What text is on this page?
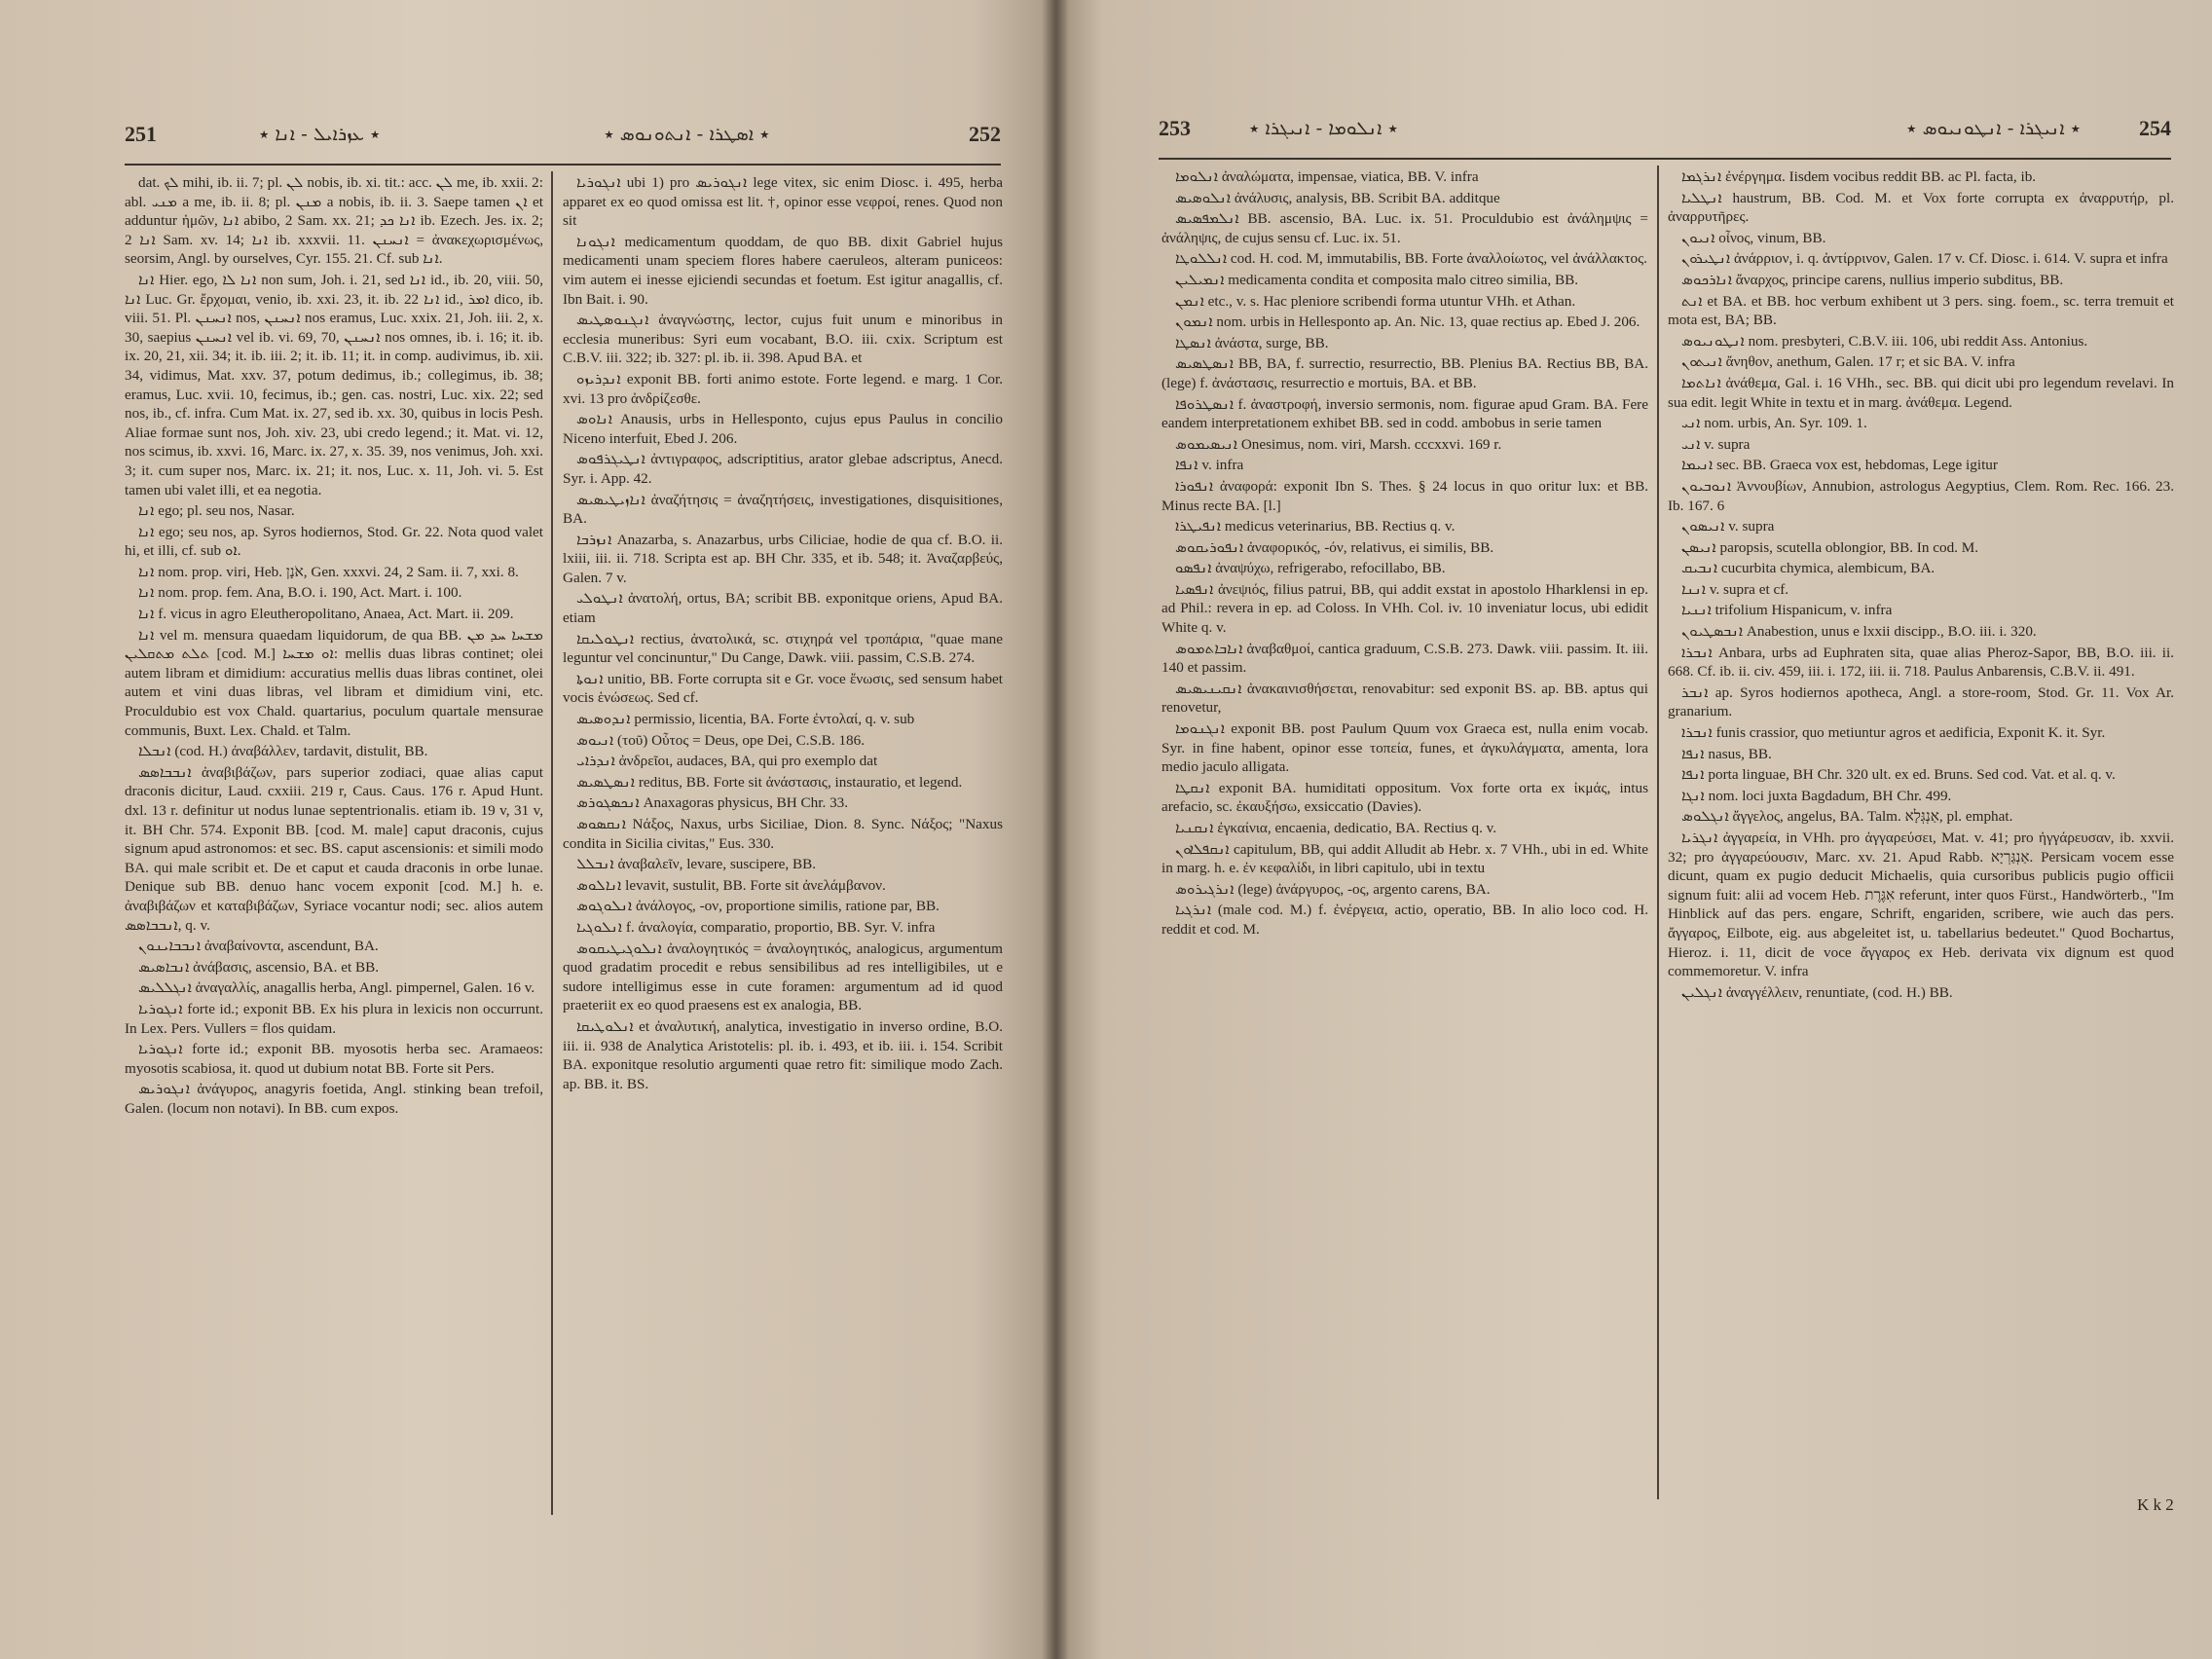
251	٭ ܥܙܪܐܝܠ - ܐܢܐ ٭	٭ ܐܣܛܪܐ - ܐܢܬܘܢܘܣ ٭	252

dat. ܠܟ mihi, ib. ii. 7; pl. ܠܢ nobis, ib. xi. tit.: acc. ܠܢ me, ib. xxii. 2: abl. ܡܢܝ a me, ib. ii. 8; pl. ܡܢܢ a nobis, ib. ii. 3. Saepe tamen ܐܢ et adduntur ἡμῶν, ܐܢܐ abibo, 2 Sam. xx. 21; ܐܢܐ ܟܕ ib. Ezech. Jes. ix. 2; ܐܢܐ 2 Sam. xv. 14; ܐܢܐ ib. xxxvii. 11. ܐܢܚܢܢ = ἀνακεχωρισμένως, seorsim, Angl. by ourselves, Cyr. 155. 21. Cf. sub ܐܢܐ.

ܐܢܐ Hier. ego, ܐܢܐ ܠܐ non sum, Joh. i. 21, sed ܐܢܐ id., ib. 20, viii. 50, ܐܢܐ Luc. Gr. ἔρχομαι, venio, ib. xxi. 23, it. ib. 22 ܐܢܐ id., ܐܡܪ dico, ib. viii. 51. Pl. ܐܢܚܢܢ nos, ܐܢܚܢܢ nos eramus, Luc. xxix. 21, Joh. iii. 2, x. 30, saepius ܐܢܚܢܢ vel ib. vi. 69, 70, ܐܢܚܢܢ nos omnes, ib. i. 16; it. ib. ix. 20, 21, xii. 34; it. ib. iii. 2; it. ib. 11; it. in comp. audivimus, ib. xii. 34, vidimus, Mat. xxv. 37, potum dedimus, ib.; collegimus, ib. 38; eramus, Luc. xvii. 10, fecimus, ib.; gen. cas. nostri, Luc. xix. 22; sed nos, ib., cf. infra. Cum Mat. ix. 27, sed ib. xx. 30, quibus in locis Pesh. Aliae formae sunt nos, Joh. xiv. 23, ubi credo legend.; it. Mat. vi. 12, nos scimus, ib. xxvi. 16, Marc. ix. 27, x. 35. 39, nos venimus, Joh. xxi. 3; it. cum super nos, Marc. ix. 21; it. nos, Luc. x. 11, Joh. vi. 5. Est tamen ubi valet illi, et ea negotia.

ܐܢܐ ego; pl. seu nos, Nasar.

ܐܢܐ ego; seu nos, ap. Syros hodiernos, Stod. Gr. 22. Nota quod valet hi, et illi, cf. sub ܐܘ.

ܐܢܐ nom. prop. viri, Heb. אֹנָן, Gen. xxxvi. 24, 2 Sam. ii. 7, xxi. 8.

ܐܢܐ nom. prop. fem. Ana, B.O. i. 190, Act. Mart. i. 100.

ܐܢܐ f. vicus in agro Eleutheropolitano, Anaea, Act. Mart. ii. 209.

ܐܢܐ vel m. mensura quaedam liquidorum, de qua BB. ܡܫܚܐ ܚܕ ܡܢ ܬܠܬ ܡܬܩܠܝܢ [cod. M.] ܐܘ ܡܫܚܐ: mellis duas libras continet; olei autem libram et dimidium: accuratius mellis duas libras continet, olei autem et vini duas libras, vel libram et dimidium vini, etc. Proculdubio est vox Chald. quartarius, poculum quartale mensurae communis, Buxt. Lex. Chald. et Talm.

ܐܢܒܠܐ (cod. H.) ἀναβάλλεν, tardavit, distulit, BB.

ܐܢܒܒܐܣܣ ἀναβιβάζων, pars superior zodiaci, quae alias caput draconis dicitur, Laud. cxxiii. 219 r, Caus. Caus. 176 r. Apud Hunt. dxl. 13 r. definitur ut nodus lunae septentrionalis. etiam ib. 19 v, 31 v, it. BH Chr. 574. Exponit BB. [cod. M. male] caput draconis, cujus signum apud astronomos: et sec. BS. caput ascensionis: et simili modo BA. qui male scribit et. De et caput et cauda draconis in orbe lunae. Denique sub BB. denuo hanc vocem exponit [cod. M.] h. e. ἀναβιβάζων et καταβιβάζων, Syriace vocantur nodi; sec. alios autem ܐܢܒܒܐܣܣ, q. v.

ܐܢܒܒܐܝܢܘܢ ἀναβαίνοντα, ascendunt, BA.

ܐܢܒܐܣܝܣ ἀνάβασις, ascensio, BA. et BB.

ܐܢܓܠܠܝܣ ἀναγαλλίς, anagallis herba, Angl. pimpernel, Galen. 16 v.

ܐܢܓܘܪܝܐ forte id.; exponit BB. Ex his plura in lexicis non occurrunt. In Lex. Pers. Vullers = flos quidam.

ܐܢܓܘܪܝܐ forte id.; exponit BB. myosotis herba sec. Aramaeos: myosotis scabiosa, it. quod ut dubium notat BB. Forte sit Pers.

ܐܢܓܘܪܝܣ ἀνάγυρος, anagyris foetida, Angl. stinking bean trefoil, Galen. (locum non notavi). In BB. cum expos.

ܐܢܓܘܪܝܐ ubi 1) pro ܐܢܓܘܪܝܣ lege vitex, sic enim Diosc. i. 495, herba apparet ex eo quod omissa est lit. †, opinor esse νεφροί, renes. Quod non sit

ܐܢܓܘܢܐ medicamentum quoddam, de quo BB. dixit Gabriel hujus medicamenti unam speciem flores habere caeruleos, alteram puniceos: vim autem ei inesse ejiciendi secundas et foetum. Est igitur anagallis, cf. Ibn Bait. i. 90.

ܐܢܓܢܘܣܛܝܣ ἀναγνώστης, lector, cujus fuit unum e minoribus in ecclesia muneribus: Syri eum vocabant, B.O. iii. cxix. Scriptum est C.B.V. iii. 322; ib. 327: pl. ib. ii. 398. Apud BA. et

ܐܢܕܪܝܙܘ exponit BB. forti animo estote. Forte legend. e marg. 1 Cor. xvi. 13 pro ἀνδρίζεσθε.

ܐܢܐܘܣ Anausis, urbs in Hellesponto, cujus epus Paulus in concilio Niceno interfuit, Ebed J. 206.

ܐܢܛܝܓܪܦܘܣ ἀντιγραφος, adscriptitius, arator glebae adscriptus, Anecd. Syr. i. App. 42.

ܐܢܐܙܝܛܝܣܝܣ ἀναζήτησις = ἀναζητήσεις, investigationes, disquisitiones, BA.

ܐܢܙܪܒܐ Anazarba, s. Anazarbus, urbs Ciliciae, hodie de qua cf. B.O. ii. lxiii, iii. ii. 718. Scripta est ap. BH Chr. 335, et ib. 548; it. Ἀναζαρβεύς, Galen. 7 v.

ܐܢܛܘܠܝ ἀνατολή, ortus, BA; scribit BB. exponitque oriens, Apud BA. etiam

ܐܢܛܘܠܝܩܐ rectius, ἀνατολικά, sc. στιχηρά vel τροπάρια, "quae mane leguntur vel concinuntur," Du Cange, Dawk. viii. passim, C.S.B. 274.

ܐܢܘܬܐ unitio, BB. Forte corrupta sit e Gr. voce ἕνωσις, sed sensum habet vocis ἑνώσεως. Sed cf.

ܐܢܕܘܣܝܣ permissio, licentia, BA. Forte ἐντολαί, q. v. sub

ܐܢܝܘܣ (τοῦ) Οὗτος = Deus, ope Dei, C.S.B. 186.

ܐܢܕܪܐܝ ἀνδρεῖοι, audaces, BA, qui pro exemplo dat

ܐܢܣܛܣܝܣ reditus, BB. Forte sit ἀνάστασις, instauratio, et legend.

ܐܢܟܣܓܘܪܣ Anaxagoras physicus, BH Chr. 33.

ܐܢܩܣܘܣ Νάξος, Naxus, urbs Siciliae, Dion. 8. Sync. Νάξος; "Naxus condita in Sicilia civitas," Eus. 330.

ܐܢܒܠܠ ἀναβαλεῖν, levare, suscipere, BB.

ܐܢܐܠܘܣ levavit, sustulit, BB. Forte sit ἀνελάμβανον.

ܐܢܠܘܓܘܣ ἀνάλογος, -ον, proportione similis, ratione par, BB.

ܐܢܠܘܓܝܐ f. ἀναλογία, comparatio, proportio, BB. Syr. V. infra

ܐܢܠܘܓܝܛܝܩܘܣ ἀναλογητικός = ἀναλογητικός, analogicus, argumentum quod gradatim procedit e rebus sensibilibus ad res intelligibiles, ut e sudore intelligimus esse in cute foramen: argumentum ad id quod praeteriit ex eo quod praesens est ex analogia, BB.

ܐܢܠܘܛܝܩܐ et ἀναλυτική, analytica, investigatio in inverso ordine, B.O. iii. ii. 938 de Analytica Aristotelis: pl. ib. i. 493, et ib. iii. i. 154. Scribit BA. exponitque resolutio argumenti quae retro fit: similique modo Zach. ap. BB. it. BS.

253	٭ ܐܢܠܘܡܐ - ܐܢܝܓܪܐ ٭	٭ ܐܢܝܓܪܐ - ܐܢܛܘܢܝܘܣ ٭	254

ܐܢܠܘܡܐ ἀναλώματα, impensae, viatica, BB. V. infra

ܐܢܠܘܣܝܣ ἀνάλυσις, analysis, BB. Scribit BA. additque

ܐܢܠܡܦܣܝܣ BB. ascensio, BA. Luc. ix. 51. Proculdubio est ἀνάλημψις = ἀνάληψις, de cujus sensu cf. Luc. ix. 51.

ܐܢܠܠܘܛܐ cod. H. cod. M, immutabilis, BB. Forte ἀναλλοίωτος, vel ἀνάλλακτος.

ܐܢܡܝܠܝܢ medicamenta condita et composita malo citreo similia, BB.

ܐܢܡܢ etc., v. s. Hac pleniore scribendi forma utuntur VHh. et Athan.

ܐܢܡܘܢ nom. urbis in Hellesponto ap. An. Nic. 13, quae rectius ap. Ebed J. 206.

ܐܢܣܛܐ ἀνάστα, surge, BB.

ܐܢܣܛܣܝܣ BB, BA, f. surrectio, resurrectio, BB. Plenius BA. Rectius BB, BA. (lege) f. ἀνάστασις, resurrectio e mortuis, BA. et BB.

ܐܢܣܛܪܘܦܐ f. ἀναστροφή, inversio sermonis, nom. figurae apud Gram. BA. Fere eandem interpretationem exhibet BB. sed in codd. ambobus in serie tamen

ܐܢܝܣܝܡܘܣ Onesimus, nom. viri, Marsh. cccxxvi. 169 r.

ܐܢܦܐ v. infra

ܐܢܦܘܪܐ ἀναφορά: exponit Ibn S. Thes. § 24 locus in quo oritur lux: et BB. Minus recte BA. [l.]

ܐܢܦܝܛܪܐ medicus veterinarius, BB. Rectius q. v.

ܐܢܦܘܪܝܩܘܣ ἀναφορικός, -όν, relativus, ei similis, BB.

ܐܢܦܣܘ ἀναψύχω, refrigerabo, refocillabo, BB.

ܐܢܦܣܝܐ ἀνεψιός, filius patrui, BB, qui addit exstat in apostolo Hharklensi in ep. ad Phil.: revera in ep. ad Coloss. In VHh. Col. iv. 10 inveniatur locus, ubi edidit White q. v.

ܐܢܐܒܐܬܡܘܣ ἀναβαθμοί, cantica graduum, C.S.B. 273. Dawk. viii. passim. It. iii. 140 et passim.

ܐܢܩܝܢܝܣܝܣ ἀνακαινισθήσεται, renovabitur: sed exponit BS. ap. BB. aptus qui renovetur,

ܐܢܓܢܘܡܐ exponit BB. post Paulum Quum vox Graeca est, nulla enim vocab. Syr. in fine habent, opinor esse τοπεία, funes, et ἀγκυλάγματα, amenta, lora medio jaculo alligata.

ܐܢܩܛܐ exponit BA. humiditati oppositum. Vox forte orta ex ἰκμάς, intus arefacio, sc. ἐκαυξήσω, exsiccatio (Davies).

ܐܢܩܢܝܐ ἐγκαίνια, encaenia, dedicatio, BA. Rectius q. v.

ܐܢܩܦܠܐܘܢ capitulum, BB, qui addit Alludit ab Hebr. x. 7 VHh., ubi in ed. White in marg. h. e. ἐν κεφαλίδι, in libri capitulo, ubi in textu

ܐܢܪܓܝܪܘܣ (lege) ἀνάργυρος, -ος, argento carens, BA.

ܐܢܪܓܝܐ (male cod. M.) f. ἐνέργεια, actio, operatio, BB. In alio loco cod. H. reddit et cod. M.

ܐܢܪܓܡܐ ἐνέργημα. Iisdem vocibus reddit BB. ac Pl. facta, ib.

ܐܢܛܠܝܐ haustrum, BB. Cod. M. et Vox forte corrupta ex ἀναρρυτήρ, pl. ἀναρρυτῆρες.

ܐܢܝܘܢ οἶνος, vinum, BB.

ܐܢܛܝܪܘܢ ἀνάρριον, i. q. ἀντίρρινον, Galen. 17 v. Cf. Diosc. i. 614. V. supra et infra

ܐܢܐܪܟܘܣ ἄναρχος, principe carens, nullius imperio subditus, BB.

ܐܢܬ et BA. et BB. hoc verbum exhibent ut 3 pers. sing. foem., sc. terra tremuit et mota est, BA; BB.

ܐܢܛܘܢܝܘܣ nom. presbyteri, C.B.V. iii. 106, ubi reddit Ass. Antonius.

ܐܢܝܬܘܢ ἄνηθον, anethum, Galen. 17 r; et sic BA. V. infra

ܐܢܐܬܡܐ ἀνάθεμα, Gal. i. 16 VHh., sec. BB. qui dicit ubi pro legendum revelavi. In sua edit. legit White in textu et in marg. ἀνάθεμα. Legend.

ܐܢܝ nom. urbis, An. Syr. 109. 1.

ܐܢܝ v. supra

ܐܢܝܡܐ sec. BB. Graeca vox est, hebdomas, Lege igitur

ܐܢܘܒܝܘܢ Ἀννουβίων, Annubion, astrologus Aegyptius, Clem. Rom. Rec. 166. 23. Ib. 167. 6

ܐܢܝܣܘܢ v. supra

ܐܢܝܣܢ paropsis, scutella oblongior, BB. In cod. M.

ܐܢܒܝܩ cucurbita chymica, alembicum, BA.

ܐܢܢܐ v. supra et cf.

ܐܢܢܝܐ trifolium Hispanicum, v. infra

ܐܢܒܣܛܝܘܢ Anabestion, unus e lxxii discipp., B.O. iii. i. 320.

ܐܢܒܪܐ Anbara, urbs ad Euphraten sita, quae alias Pheroz-Sapor, BB, B.O. iii. ii. 668. Cf. ib. ii. civ. 459, iii. i. 172, iii. ii. 718. Paulus Anbarensis, C.B.V. ii. 491.

ܐܢܒܪ ap. Syros hodiernos apotheca, Angl. a store-room, Stod. Gr. 11. Vox Ar. granarium.

ܐܢܒܪܐ funis crassior, quo metiuntur agros et aedificia, Exponit K. it. Syr.

ܐܢܦܐ nasus, BB.

ܐܢܦܐ porta linguae, BH Chr. 320 ult. ex ed. Bruns. Sed cod. Vat. et al. q. v.

ܐܢܓܐ nom. loci juxta Bagdadum, BH Chr. 499.

ܐܢܓܠܘܣ ἄγγελος, angelus, BA. Talm. אַנְגְּלָא, pl. emphat.

ܐܢܓܪܝܐ ἀγγαρεία, in VHh. pro ἀγγαρεύσει, Mat. v. 41; pro ἠγγάρευσαν, ib. xxvii. 32; pro ἀγγαρεύουσιν, Marc. xv. 21. Apud Rabb. אַנְגַּרְיָא. Persicam vocem esse dicunt, quam ex pugio deducit Michaelis, quia cursoribus publicis pugio officii signum fuit: alii ad vocem Heb. אִגֶּרֶת referunt, inter quos Fürst., Handwörterb., "Im Hinblick auf das pers. engare, Schrift, engariden, scribere, wie auch das pers. ἄγγαρος, Eilbote, eig. aus abgeleitet ist, u. tabellarius bedeutet." Quod Bochartus, Hieroz. i. 11, dicit de voce ἄγγαρος ex Heb. derivata vix dignum est quod commemoretur. V. infra

ܐܢܓܠܝܢ ἀναγγέλλειν, renuntiate, (cod. H.) BB.

K k 2
